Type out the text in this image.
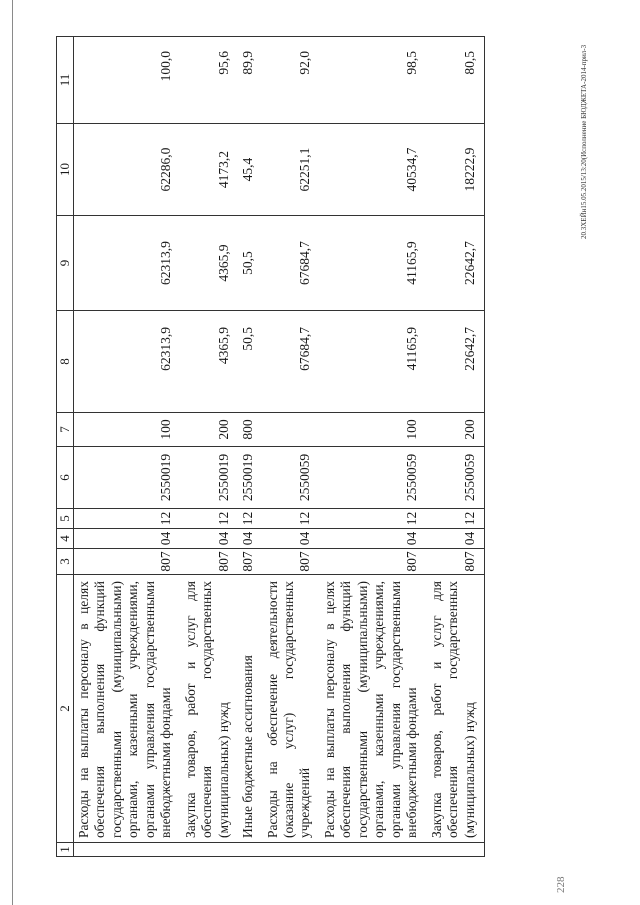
1	2	3	4	5	6	7	8	9	10	11
	Расходы на выплаты персоналу в целях обеспечения выполнения функций государственными (муниципальными) органами, казенными учреждениями, органами управления государственными внебюджетными фондами	807	04	12	2550019	100	62313,9	62313,9	62286,0	100,0
	Закупка товаров, работ и услуг для обеспечения государственных (муниципальных) нужд	807	04	12	2550019	200	4365,9	4365,9	4173,2	95,6
	Иные бюджетные ассигнования	807	04	12	2550019	800	50,5	50,5	45,4	89,9
	Расходы на обеспечение деятельности (оказание услуг) государственных учреждений	807	04	12	2550059		67684,7	67684,7	62251,1	92,0
	Расходы на выплаты персоналу в целях обеспечения выполнения функций государственными (муниципальными) органами, казенными учреждениями, органами управления государственными внебюджетными фондами	807	04	12	2550059	100	41165,9	41165,9	40534,7	98,5
	Закупка товаров, работ и услуг для обеспечения государственных (муниципальных) нужд	807	04	12	2550059	200	22642,7	22642,7	18222,9	80,5	20.ЗХЕЙн15.05.2015/13:20(Исполнение БЮДЖЕТА-2014-прил-3
228
